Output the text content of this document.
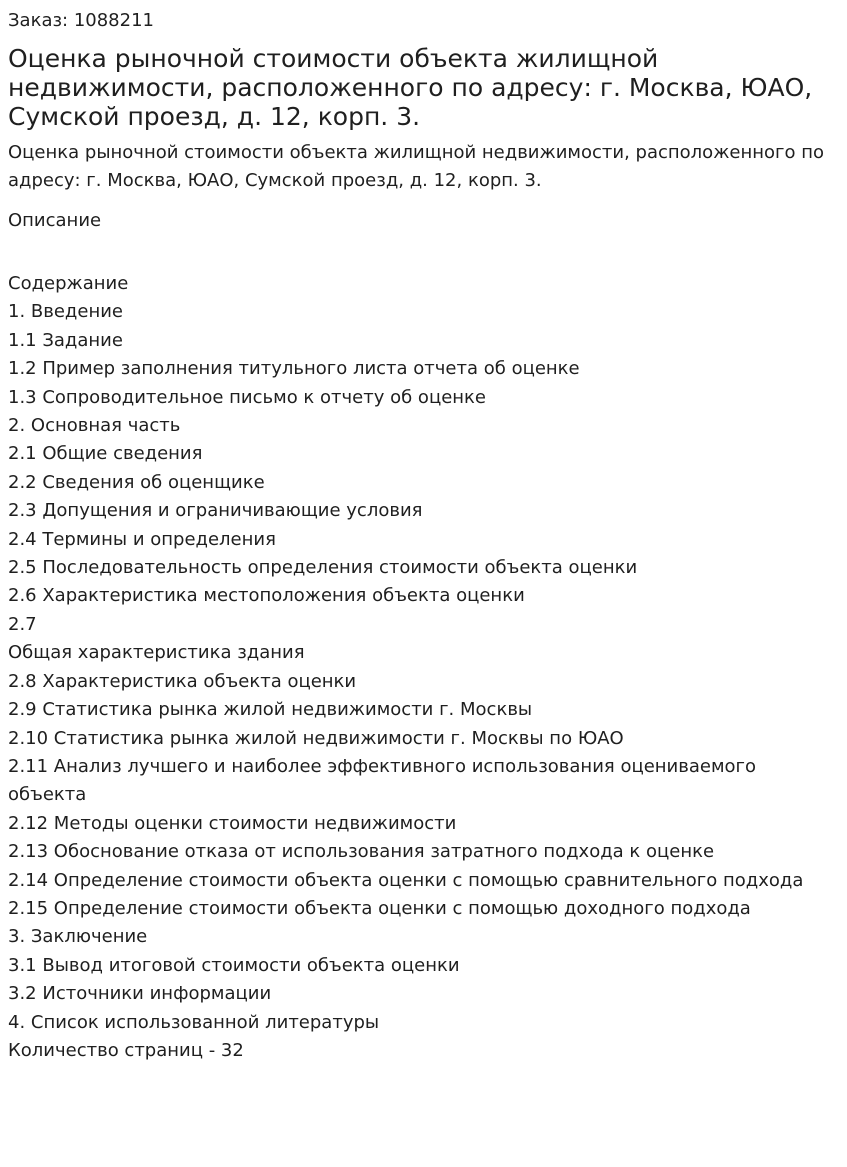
Заказ: 1088211

Оценка рыночной стоимости объекта жилищной недвижимости, расположенного по адресу: г. Москва, ЮАО, Сумской проезд, д. 12, корп. 3.

Оценка рыночной стоимости объекта жилищной недвижимости, расположенного по адресу: г. Москва, ЮАО, Сумской проезд, д. 12, корп. 3.

Описание

Содержание

1. Введение
1.1 Задание
1.2 Пример заполнения титульного листа отчета об оценке
1.3 Сопроводительное письмо к отчету об оценке
2. Основная часть
2.1 Общие сведения
2.2 Сведения об оценщике
2.3 Допущения и ограничивающие условия
2.4 Термины и определения
2.5 Последовательность определения стоимости объекта оценки
2.6 Характеристика местоположения объекта оценки
2.7
Общая характеристика здания
2.8 Характеристика объекта оценки
2.9 Статистика рынка жилой недвижимости г. Москвы
2.10 Статистика рынка жилой недвижимости г. Москвы по ЮАО
2.11 Анализ лучшего и наиболее эффективного использования оцениваемого объекта
2.12 Методы оценки стоимости недвижимости
2.13 Обоснование отказа от использования затратного подхода к оценке
2.14 Определение стоимости объекта оценки с помощью сравнительного подхода
2.15 Определение стоимости объекта оценки с помощью доходного подхода
3. Заключение
3.1 Вывод итоговой стоимости объекта оценки
3.2 Источники информации
4. Список использованной литературы

Количество страниц - 32
